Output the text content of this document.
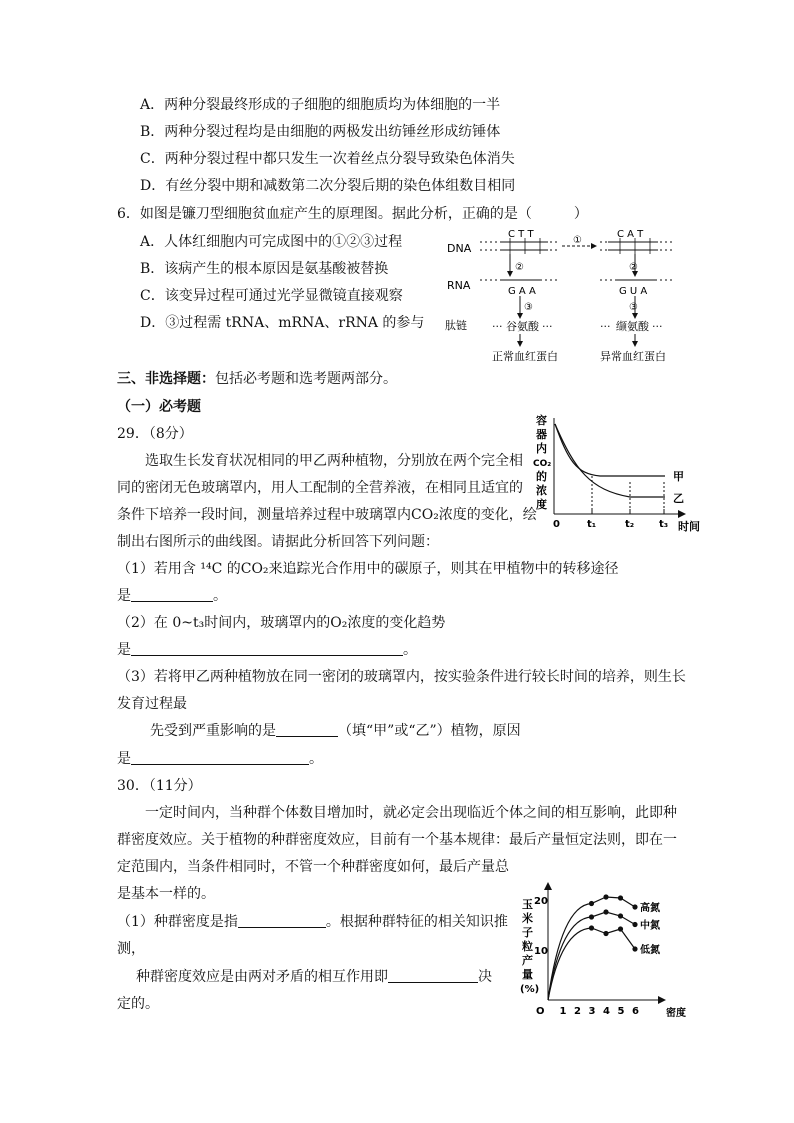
A．两种分裂最终形成的子细胞的细胞质均为体细胞的一半
B．两种分裂过程均是由细胞的两极发出纺锤丝形成纺锤体
C．两种分裂过程中都只发生一次着丝点分裂导致染色体消失
D．有丝分裂中期和减数第二次分裂后期的染色体组数目相同
6．如图是镰刀型细胞贫血症产生的原理图。据此分析，正确的是（　　　）
A．人体红细胞内可完成图中的①②③过程
B．该病产生的根本原因是氨基酸被替换
C．该变异过程可通过光学显微镜直接观察
D．③过程需 tRNA、mRNA、rRNA 的参与
DNA
RNA
肽链
C T T	C A T
①
②	②
G A A	G U A
③	③
··· 谷氨酸 ···	··· 缬氨酸 ···
正常血红蛋白	异常血红蛋白
三、非选择题：包括必考题和选考题两部分。
（一）必考题
29．（8分）
选取生长发育状况相同的甲乙两种植物，分别放在两个完全相
同的密闭无色玻璃罩内，用人工配制的全营养液，在相同且适宜的
条件下培养一段时间，测量培养过程中玻璃罩内CO₂浓度的变化，绘
制出右图所示的曲线图。请据此分析回答下列问题：
容
器
内
CO₂
的
浓
度
0	t₁	t₂ t₃ 时间
甲
乙
（1）若用含 ¹⁴C 的CO₂来追踪光合作用中的碳原子，则其在甲植物中的转移途径
是	。
（2）在 0~t₃时间内，玻璃罩内的O₂浓度的变化趋势
是	。
（3）若将甲乙两种植物放在同一密闭的玻璃罩内，按实验条件进行较长时间的培养，则生长
发育过程最
先受到严重影响的是	（填“甲”或“乙”）植物，原因
是	。
30．（11分）
一定时间内，当种群个体数目增加时，就必定会出现临近个体之间的相互影响，此即种
群密度效应。关于植物的种群密度效应，目前有一个基本规律：最后产量恒定法则，即在一
定范围内，当条件相同时，不管一个种群密度如何，最后产量总
是基本一样的。
（1）种群密度是指	。根据种群特征的相关知识推
测，
种群密度效应是由两对矛盾的相互作用即	决
定的。
玉
米
子
粒
产
量
(%)
O 1 2 3 4 5 6
10
20
高氮
中氮
低氮
密度
